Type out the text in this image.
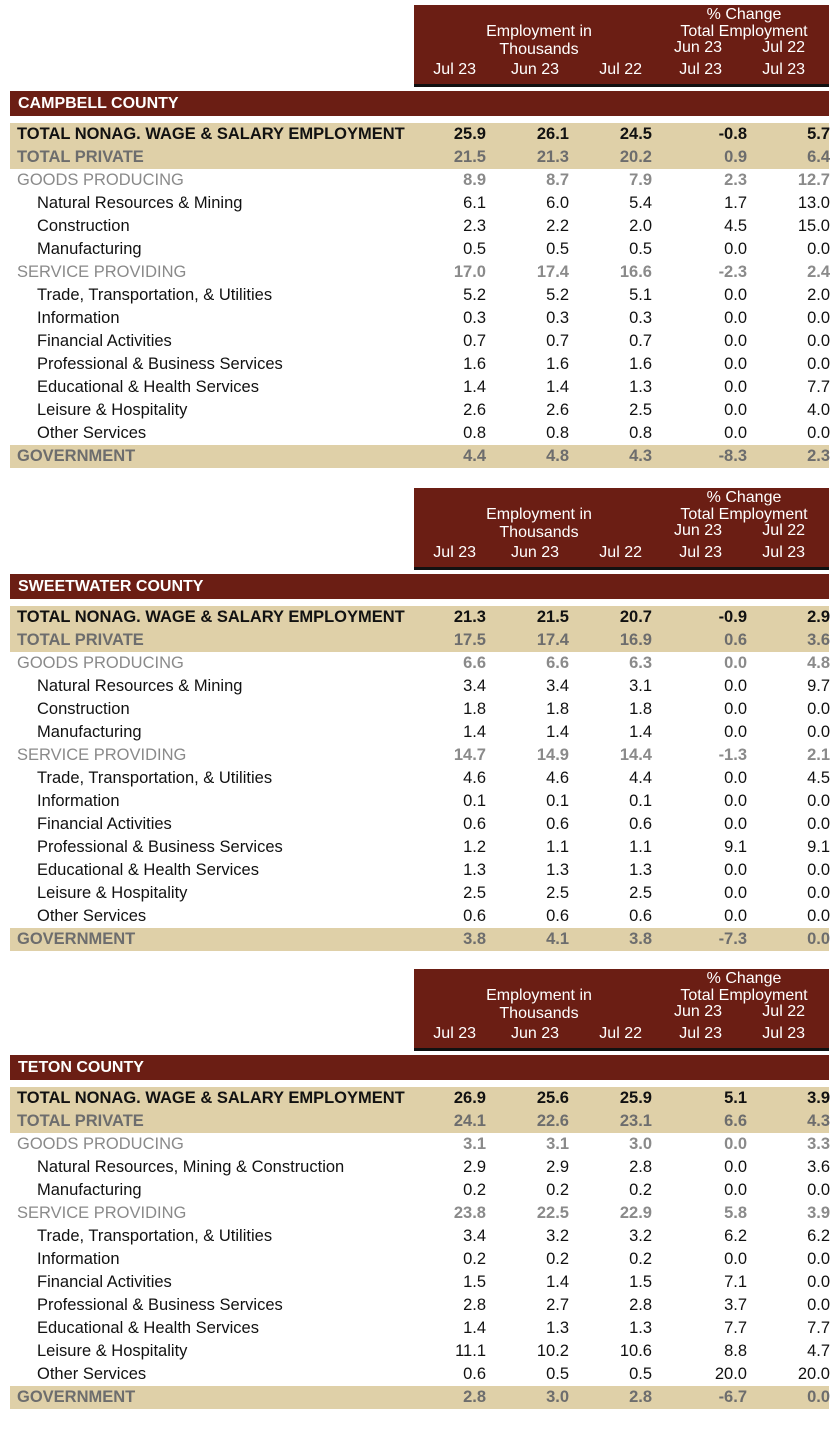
Employment in
Thousands
% Change
Total Employment
Jun 23	Jul 22
Jul 23	Jun 23	Jul 22	Jul 23	Jul 23
CAMPBELL COUNTY
TOTAL NONAG. WAGE & SALARY EMPLOYMENT	25.9	26.1	24.5	-0.8	5.7
TOTAL PRIVATE	21.5	21.3	20.2	0.9	6.4
GOODS PRODUCING	8.9	8.7	7.9	2.3	12.7
Natural Resources & Mining	6.1	6.0	5.4	1.7	13.0
Construction	2.3	2.2	2.0	4.5	15.0
Manufacturing	0.5	0.5	0.5	0.0	0.0
SERVICE PROVIDING	17.0	17.4	16.6	-2.3	2.4
Trade, Transportation, & Utilities	5.2	5.2	5.1	0.0	2.0
Information	0.3	0.3	0.3	0.0	0.0
Financial Activities	0.7	0.7	0.7	0.0	0.0
Professional & Business Services	1.6	1.6	1.6	0.0	0.0
Educational & Health Services	1.4	1.4	1.3	0.0	7.7
Leisure & Hospitality	2.6	2.6	2.5	0.0	4.0
Other Services	0.8	0.8	0.8	0.0	0.0
GOVERNMENT	4.4	4.8	4.3	-8.3	2.3
Employment in
Thousands
% Change
Total Employment
Jun 23	Jul 22
Jul 23	Jun 23	Jul 22	Jul 23	Jul 23
SWEETWATER COUNTY
TOTAL NONAG. WAGE & SALARY EMPLOYMENT	21.3	21.5	20.7	-0.9	2.9
TOTAL PRIVATE	17.5	17.4	16.9	0.6	3.6
GOODS PRODUCING	6.6	6.6	6.3	0.0	4.8
Natural Resources & Mining	3.4	3.4	3.1	0.0	9.7
Construction	1.8	1.8	1.8	0.0	0.0
Manufacturing	1.4	1.4	1.4	0.0	0.0
SERVICE PROVIDING	14.7	14.9	14.4	-1.3	2.1
Trade, Transportation, & Utilities	4.6	4.6	4.4	0.0	4.5
Information	0.1	0.1	0.1	0.0	0.0
Financial Activities	0.6	0.6	0.6	0.0	0.0
Professional & Business Services	1.2	1.1	1.1	9.1	9.1
Educational & Health Services	1.3	1.3	1.3	0.0	0.0
Leisure & Hospitality	2.5	2.5	2.5	0.0	0.0
Other Services	0.6	0.6	0.6	0.0	0.0
GOVERNMENT	3.8	4.1	3.8	-7.3	0.0
Employment in
Thousands
% Change
Total Employment
Jun 23	Jul 22
Jul 23	Jun 23	Jul 22	Jul 23	Jul 23
TETON COUNTY
TOTAL NONAG. WAGE & SALARY EMPLOYMENT	26.9	25.6	25.9	5.1	3.9
TOTAL PRIVATE	24.1	22.6	23.1	6.6	4.3
GOODS PRODUCING	3.1	3.1	3.0	0.0	3.3
Natural Resources, Mining & Construction	2.9	2.9	2.8	0.0	3.6
Manufacturing	0.2	0.2	0.2	0.0	0.0
SERVICE PROVIDING	23.8	22.5	22.9	5.8	3.9
Trade, Transportation, & Utilities	3.4	3.2	3.2	6.2	6.2
Information	0.2	0.2	0.2	0.0	0.0
Financial Activities	1.5	1.4	1.5	7.1	0.0
Professional & Business Services	2.8	2.7	2.8	3.7	0.0
Educational & Health Services	1.4	1.3	1.3	7.7	7.7
Leisure & Hospitality	11.1	10.2	10.6	8.8	4.7
Other Services	0.6	0.5	0.5	20.0	20.0
GOVERNMENT	2.8	3.0	2.8	-6.7	0.0
